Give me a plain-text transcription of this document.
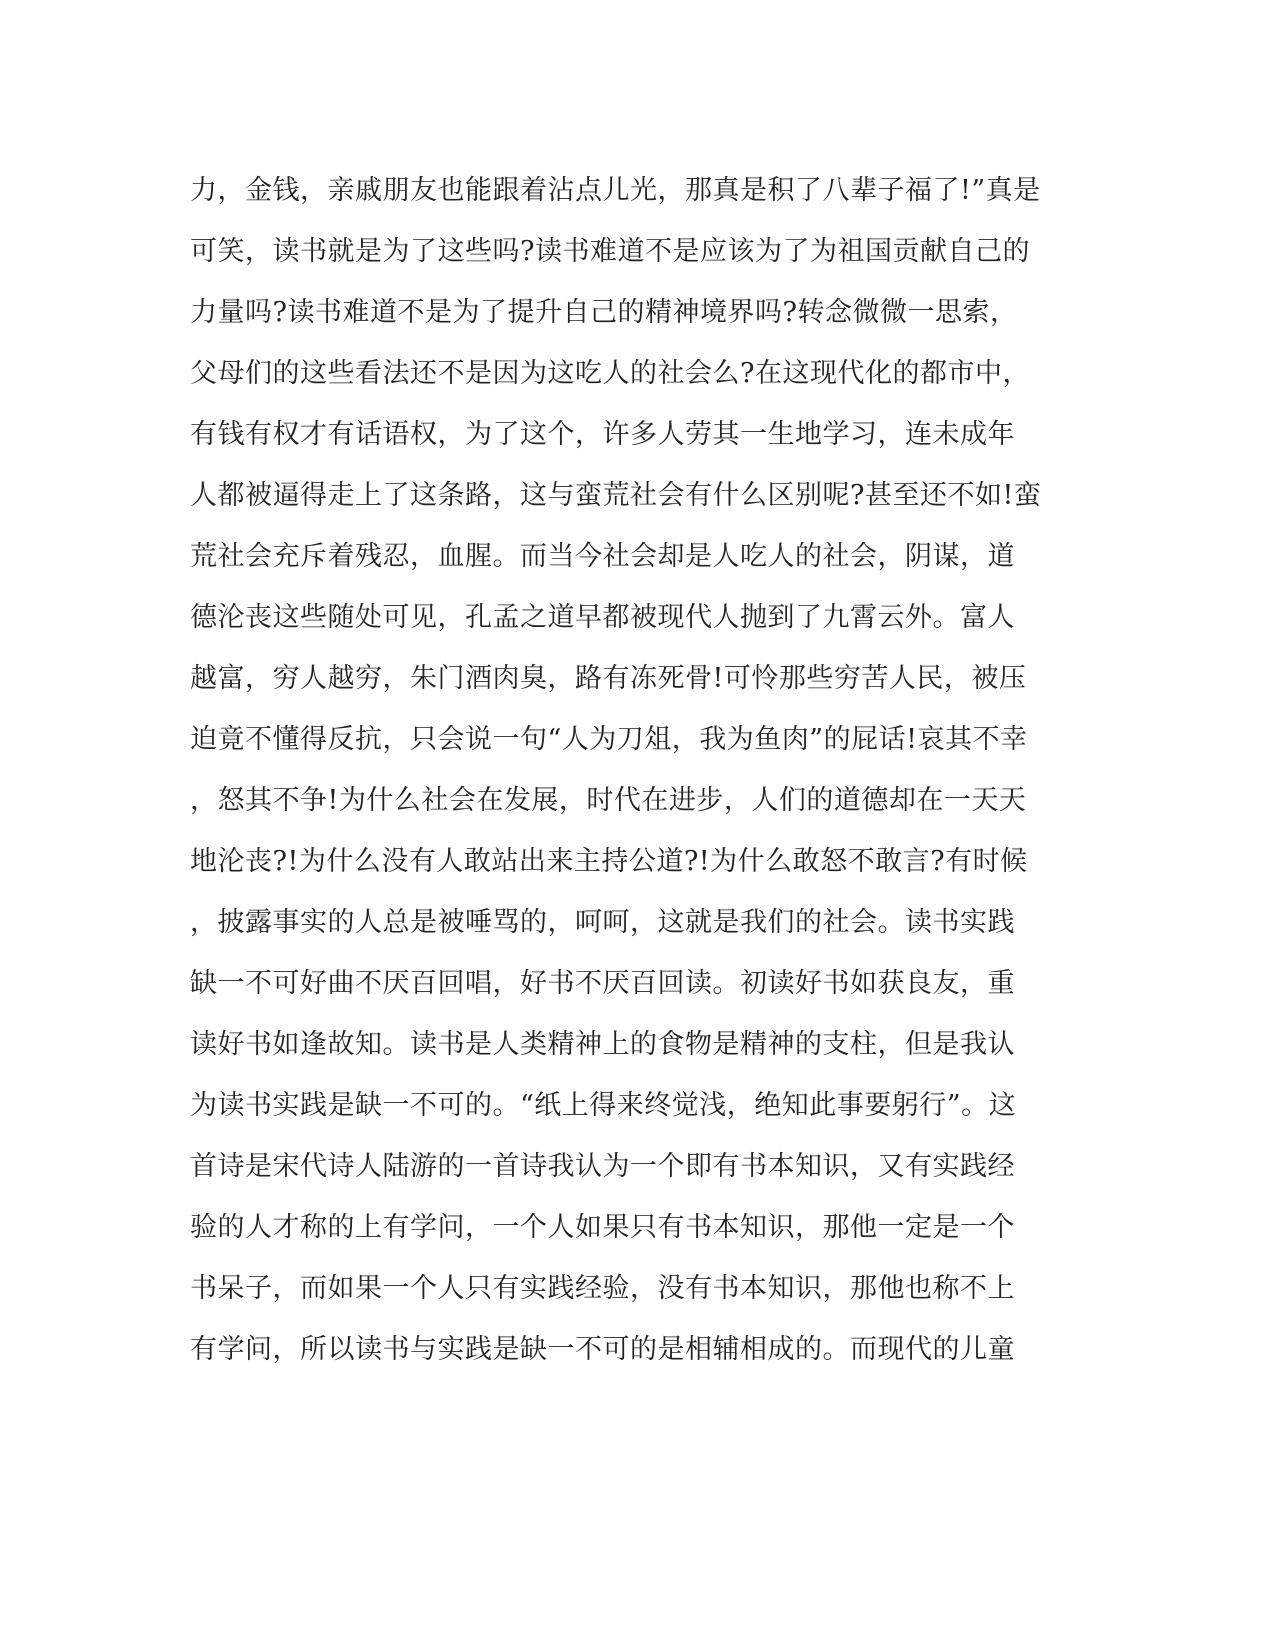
力，金钱，亲戚朋友也能跟着沾点儿光，那真是积了八辈子福了!”真是
可笑，读书就是为了这些吗?读书难道不是应该为了为祖国贡献自己的
力量吗?读书难道不是为了提升自己的精神境界吗?转念微微一思索，
父母们的这些看法还不是因为这吃人的社会么?在这现代化的都市中，
有钱有权才有话语权，为了这个，许多人劳其一生地学习，连未成年
人都被逼得走上了这条路，这与蛮荒社会有什么区别呢?甚至还不如!蛮
荒社会充斥着残忍，血腥。而当今社会却是人吃人的社会，阴谋，道
德沦丧这些随处可见，孔孟之道早都被现代人抛到了九霄云外。富人
越富，穷人越穷，朱门酒肉臭，路有冻死骨!可怜那些穷苦人民，被压
迫竟不懂得反抗，只会说一句“人为刀俎，我为鱼肉”的屁话!哀其不幸
，怒其不争!为什么社会在发展，时代在进步，人们的道德却在一天天
地沦丧?!为什么没有人敢站出来主持公道?!为什么敢怒不敢言?有时候
，披露事实的人总是被唾骂的，呵呵，这就是我们的社会。读书实践
缺一不可好曲不厌百回唱，好书不厌百回读。初读好书如获良友，重
读好书如逢故知。读书是人类精神上的食物是精神的支柱，但是我认
为读书实践是缺一不可的。“纸上得来终觉浅，绝知此事要躬行”。这
首诗是宋代诗人陆游的一首诗我认为一个即有书本知识，又有实践经
验的人才称的上有学问，一个人如果只有书本知识，那他一定是一个
书呆子，而如果一个人只有实践经验，没有书本知识，那他也称不上
有学问，所以读书与实践是缺一不可的是相辅相成的。而现代的儿童
